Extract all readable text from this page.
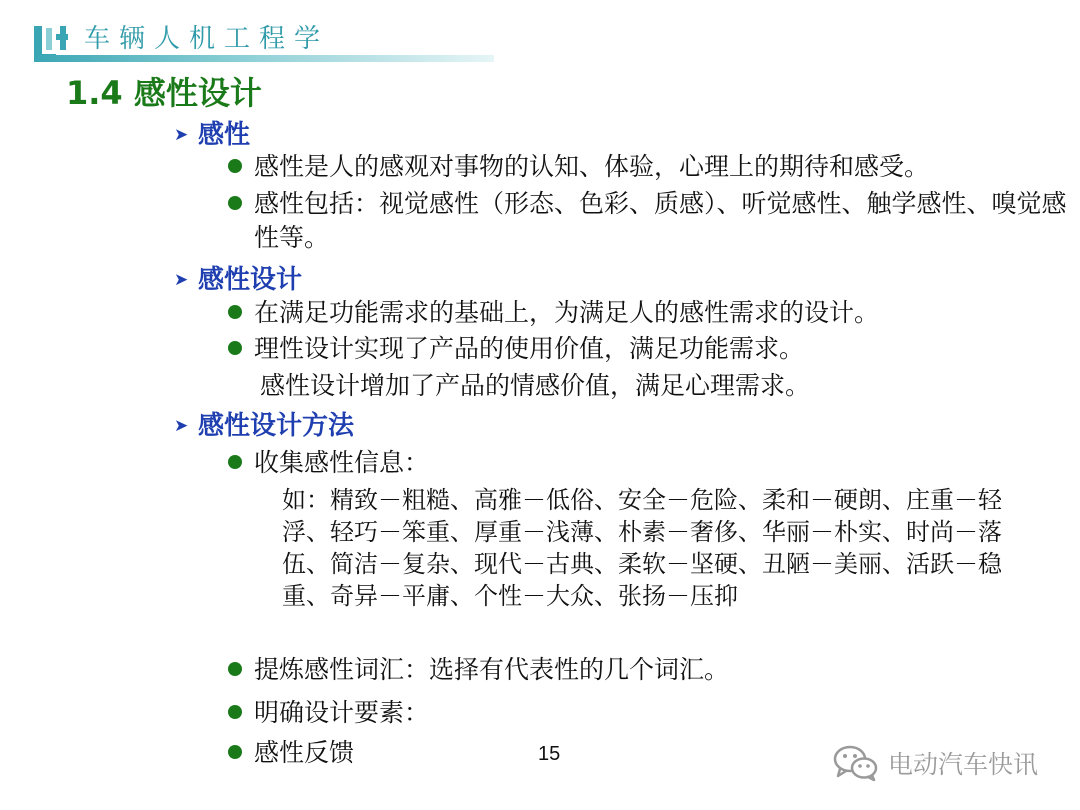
车辆人机工程学
1.4 感性设计
➤ 感性
感性是人的感观对事物的认知、体验，心理上的期待和感受。
感性包括：视觉感性（形态、色彩、质感）、听觉感性、触学感性、嗅觉感性等。
➤ 感性设计
在满足功能需求的基础上，为满足人的感性需求的设计。
理性设计实现了产品的使用价值，满足功能需求。
感性设计增加了产品的情感价值，满足心理需求。
➤ 感性设计方法
收集感性信息：
如：精致－粗糙、高雅－低俗、安全－危险、柔和－硬朗、庄重－轻浮、轻巧－笨重、厚重－浅薄、朴素－奢侈、华丽－朴实、时尚－落伍、简洁－复杂、现代－古典、柔软－坚硬、丑陋－美丽、活跃－稳重、奇异－平庸、个性－大众、张扬－压抑
提炼感性词汇：选择有代表性的几个词汇。
明确设计要素：
感性反馈	15	电动汽车快讯
